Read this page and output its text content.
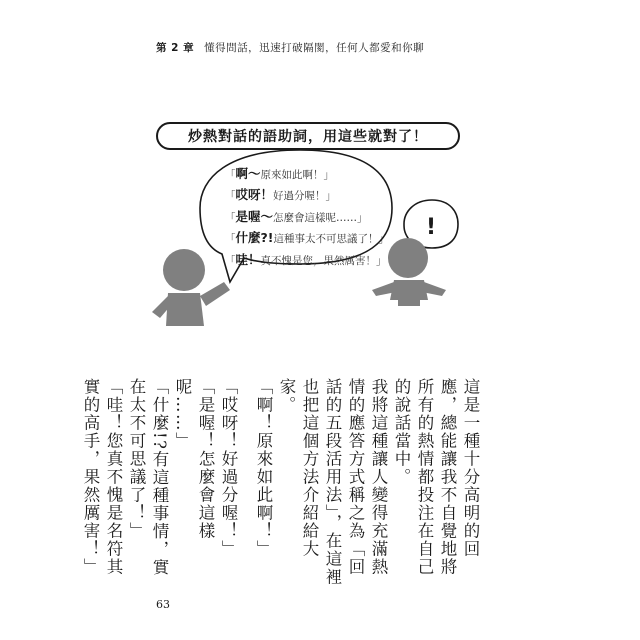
第 2 章 懂得問話，迅速打破隔閡，任何人都愛和你聊
炒熱對話的語助詞，用這些就對了！
!
「啊〜原來如此啊！」
「哎呀！好過分喔！」
「是喔〜怎麼會這樣呢……」
「什麼?!這種事太不可思議了！」
「哇！真不愧是您，果然厲害！」

這是一種十分高明的回應，總能讓我不自覺地將所有的熱情都投注在自己的說話當中。

我將這種讓人變得充滿熱情的應答方式稱之為「回話的五段活用法」，在這裡也把這個方法介紹給大家。

「啊！原來如此啊！」

「哎呀！好過分喔！」

「是喔！怎麼會這樣呢……」

「什麼!?有這種事情，實在太不可思議了！」

「哇！您真不愧是名符其實的高手，果然厲害！」

63
